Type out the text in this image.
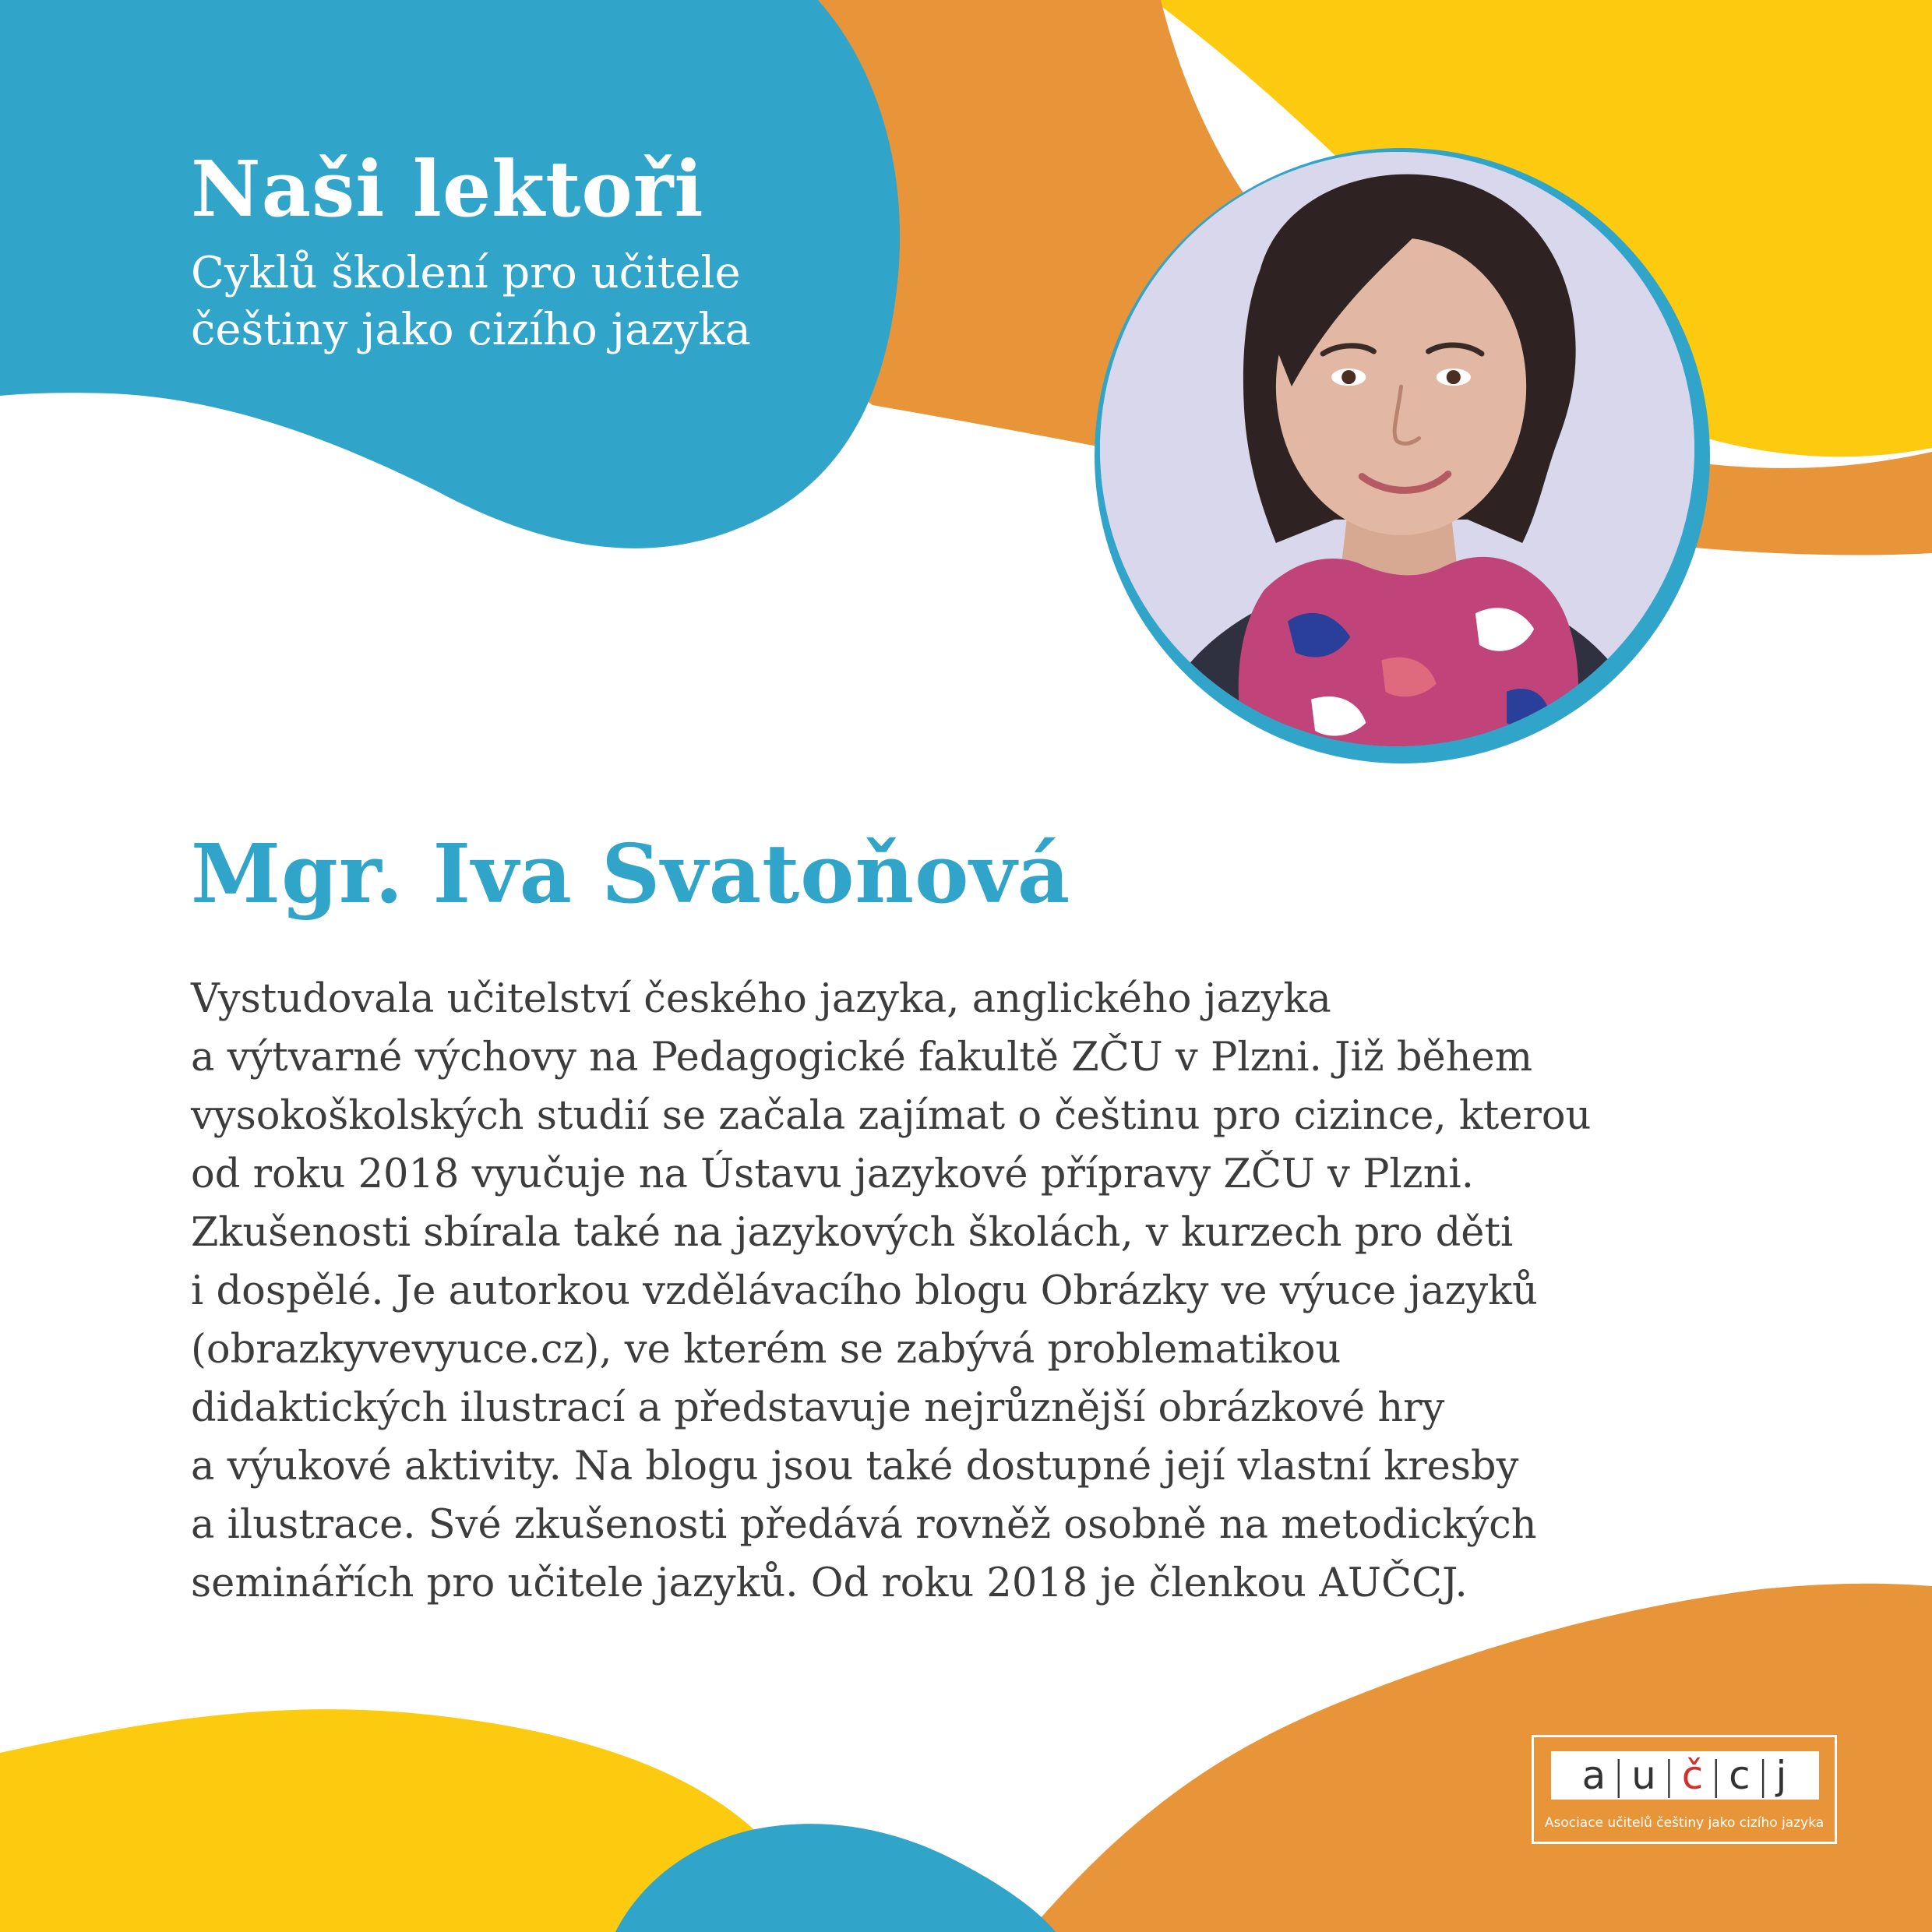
Naši lektoři

Cyklů školení pro učitele češtiny jako cizího jazyka

Mgr. Iva Svatoňová
Vystudovala učitelství českého jazyka, anglického jazyka
a výtvarné výchovy na Pedagogické fakultě ZČU v Plzni. Již během
vysokoškolských studií se začala zajímat o češtinu pro cizince, kterou
od roku 2018 vyučuje na Ústavu jazykové přípravy ZČU v Plzni.
Zkušenosti sbírala také na jazykových školách, v kurzech pro děti
i dospělé. Je autorkou vzdělávacího blogu Obrázky ve výuce jazyků
(obrazkyvevyuce.cz), ve kterém se zabývá problematikou
didaktických ilustrací a představuje nejrůznější obrázkové hry
a výukové aktivity. Na blogu jsou také dostupné její vlastní kresby
a ilustrace. Své zkušenosti předává rovněž osobně na metodických
seminářích pro učitele jazyků. Od roku 2018 je členkou AUČCJ.
a | u | č | c | j
Asociace učitelů češtiny jako cizího jazyka
